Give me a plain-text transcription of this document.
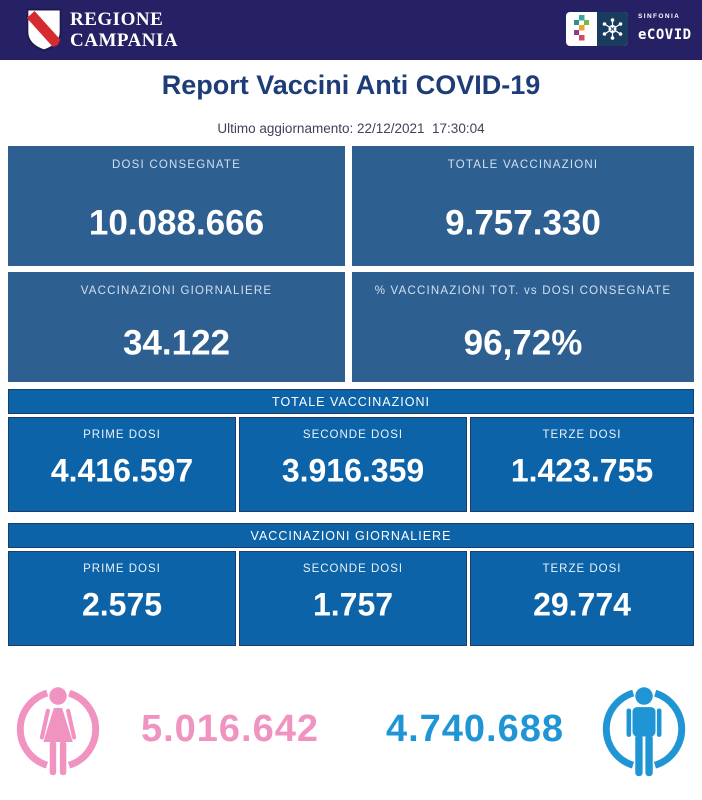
REGIONE
CAMPANIA
SINFONIA
eCOVID
Report Vaccini Anti COVID-19
Ultimo aggiornamento: 22/12/2021  17:30:04
DOSI CONSEGNATE
10.088.666
TOTALE VACCINAZIONI
9.757.330
VACCINAZIONI GIORNALIERE
34.122
% VACCINAZIONI TOT. vs DOSI CONSEGNATE
96,72%
TOTALE VACCINAZIONI
PRIME DOSI
4.416.597
SECONDE DOSI
3.916.359
TERZE DOSI
1.423.755
VACCINAZIONI GIORNALIERE
PRIME DOSI
2.575
SECONDE DOSI
1.757
TERZE DOSI
29.774
5.016.642	4.740.688
